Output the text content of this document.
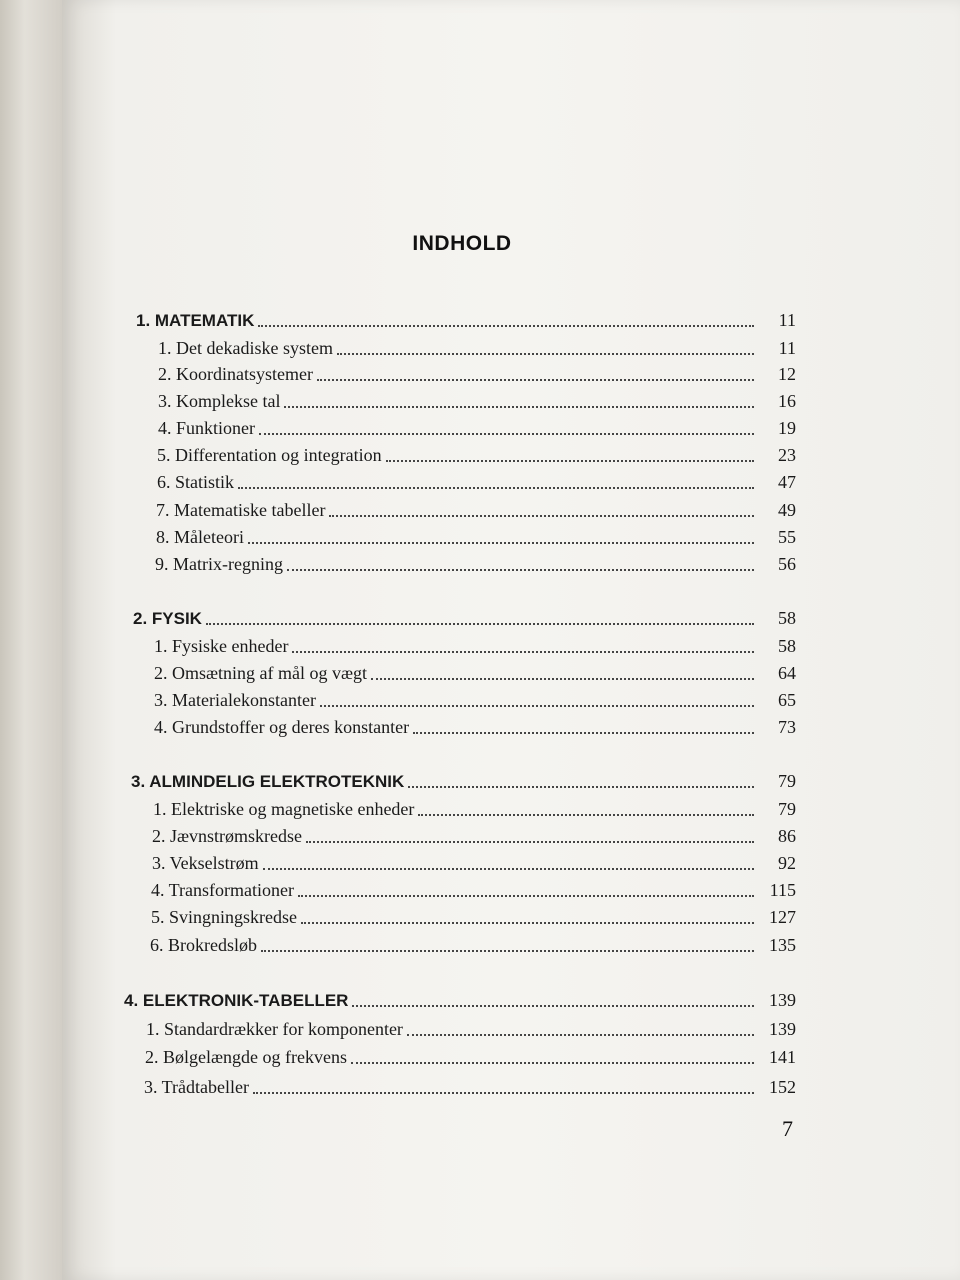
INDHOLD
1. MATEMATIK	11
1. Det dekadiske system	11
2. Koordinatsystemer	12
3. Komplekse tal	16
4. Funktioner	19
5. Differentation og integration	23
6. Statistik	47
7. Matematiske tabeller	49
8. Måleteori	55
9. Matrix-regning	56
2. FYSIK	58
1. Fysiske enheder	58
2. Omsætning af mål og vægt	64
3. Materialekonstanter	65
4. Grundstoffer og deres konstanter	73
3. ALMINDELIG ELEKTROTEKNIK	79
1. Elektriske og magnetiske enheder	79
2. Jævnstrømskredse	86
3. Vekselstrøm	92
4. Transformationer	115
5. Svingningskredse	127
6. Brokredsløb	135
4. ELEKTRONIK-TABELLER	139
1. Standardrækker for komponenter	139
2. Bølgelængde og frekvens	141
3. Trådtabeller	152
7
